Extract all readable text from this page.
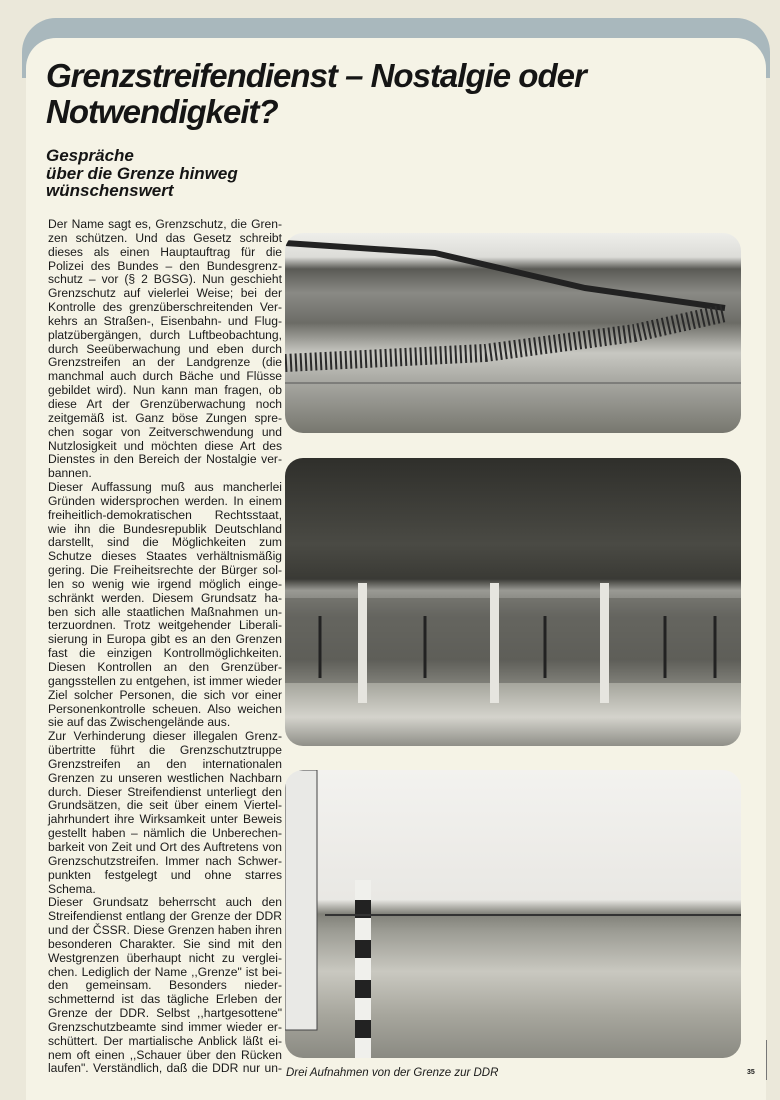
Grenzstreifendienst – Nostalgie oder
Notwendigkeit?
Gespräche
über die Grenze hinweg
wünschenswert
Der Name sagt es, Grenzschutz, die Gren-
zen schützen. Und das Gesetz schreibt
dieses als einen Hauptauftrag für die
Polizei des Bundes – den Bundesgrenz-
schutz – vor (§ 2 BGSG). Nun geschieht
Grenzschutz auf vielerlei Weise; bei der
Kontrolle des grenzüberschreitenden Ver-
kehrs an Straßen-, Eisenbahn- und Flug-
platzübergängen, durch Luftbeobachtung,
durch Seeüberwachung und eben durch
Grenzstreifen an der Landgrenze (die
manchmal auch durch Bäche und Flüsse
gebildet wird). Nun kann man fragen, ob
diese Art der Grenzüberwachung noch
zeitgemäß ist. Ganz böse Zungen spre-
chen sogar von Zeitverschwendung und
Nutzlosigkeit und möchten diese Art des
Dienstes in den Bereich der Nostalgie ver-
bannen.
Dieser Auffassung muß aus mancherlei
Gründen widersprochen werden. In einem
freiheitlich-demokratischen Rechtsstaat,
wie ihn die Bundesrepublik Deutschland
darstellt, sind die Möglichkeiten zum
Schutze dieses Staates verhältnismäßig
gering. Die Freiheitsrechte der Bürger sol-
len so wenig wie irgend möglich einge-
schränkt werden. Diesem Grundsatz ha-
ben sich alle staatlichen Maßnahmen un-
terzuordnen. Trotz weitgehender Liberali-
sierung in Europa gibt es an den Grenzen
fast die einzigen Kontrollmöglichkeiten.
Diesen Kontrollen an den Grenzüber-
gangsstellen zu entgehen, ist immer wieder
Ziel solcher Personen, die sich vor einer
Personenkontrolle scheuen. Also weichen
sie auf das Zwischengelände aus.
Zur Verhinderung dieser illegalen Grenz-
übertritte führt die Grenzschutztruppe
Grenzstreifen an den internationalen
Grenzen zu unseren westlichen Nachbarn
durch. Dieser Streifendienst unterliegt den
Grundsätzen, die seit über einem Viertel-
jahrhundert ihre Wirksamkeit unter Beweis
gestellt haben – nämlich die Unberechen-
barkeit von Zeit und Ort des Auftretens von
Grenzschutzstreifen. Immer nach Schwer-
punkten festgelegt und ohne starres
Schema.
Dieser Grundsatz beherrscht auch den
Streifendienst entlang der Grenze der DDR
und der ČSSR. Diese Grenzen haben ihren
besonderen Charakter. Sie sind mit den
Westgrenzen überhaupt nicht zu verglei-
chen. Lediglich der Name ,,Grenze" ist bei-
den gemeinsam. Besonders nieder-
schmetternd ist das tägliche Erleben der
Grenze der DDR. Selbst ,,hartgesottene"
Grenzschutzbeamte sind immer wieder er-
schüttert. Der martialische Anblick läßt ei-
nem oft einen ,,Schauer über den Rücken
laufen". Verständlich, daß die DDR nur un- Drei Aufnahmen von der Grenze zur DDR	35
